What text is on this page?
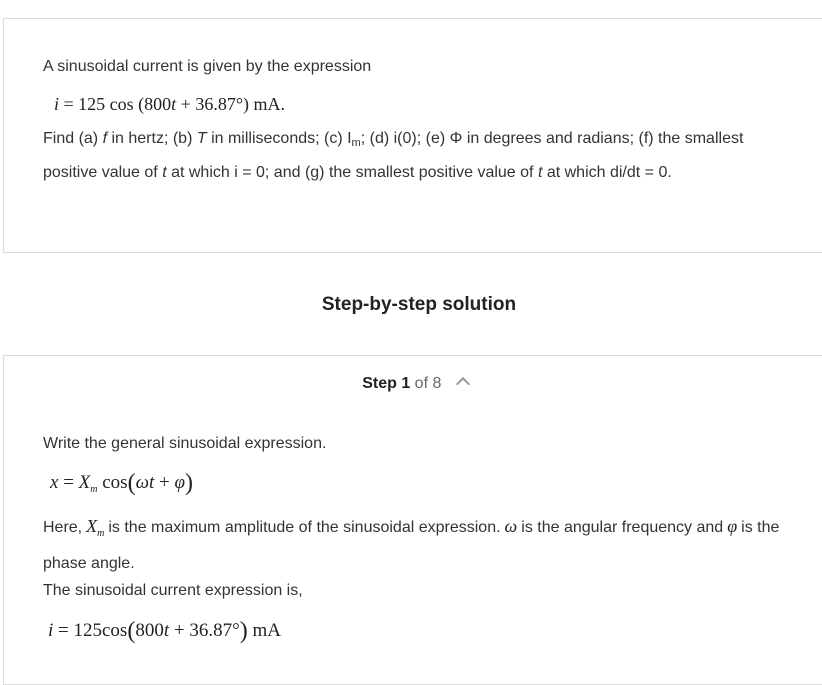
A sinusoidal current is given by the expression

i = 125 cos (800t + 36.87°) mA.

Find (a) f in hertz; (b) T in milliseconds; (c) $I_m$; (d) i(0); (e) Φ in degrees and radians; (f) the smallest positive value of t at which i = 0; and (g) the smallest positive value of t at which di/dt = 0.

Step-by-step solution
Step 1 of 8

Write the general sinusoidal expression.

$x = X_m$ cos(ωt + φ)

Here, $X_m$ is the maximum amplitude of the sinusoidal expression. ω is the angular frequency and φ is the phase angle.

The sinusoidal current expression is,

i = 125cos(800t + 36.87°) mA
